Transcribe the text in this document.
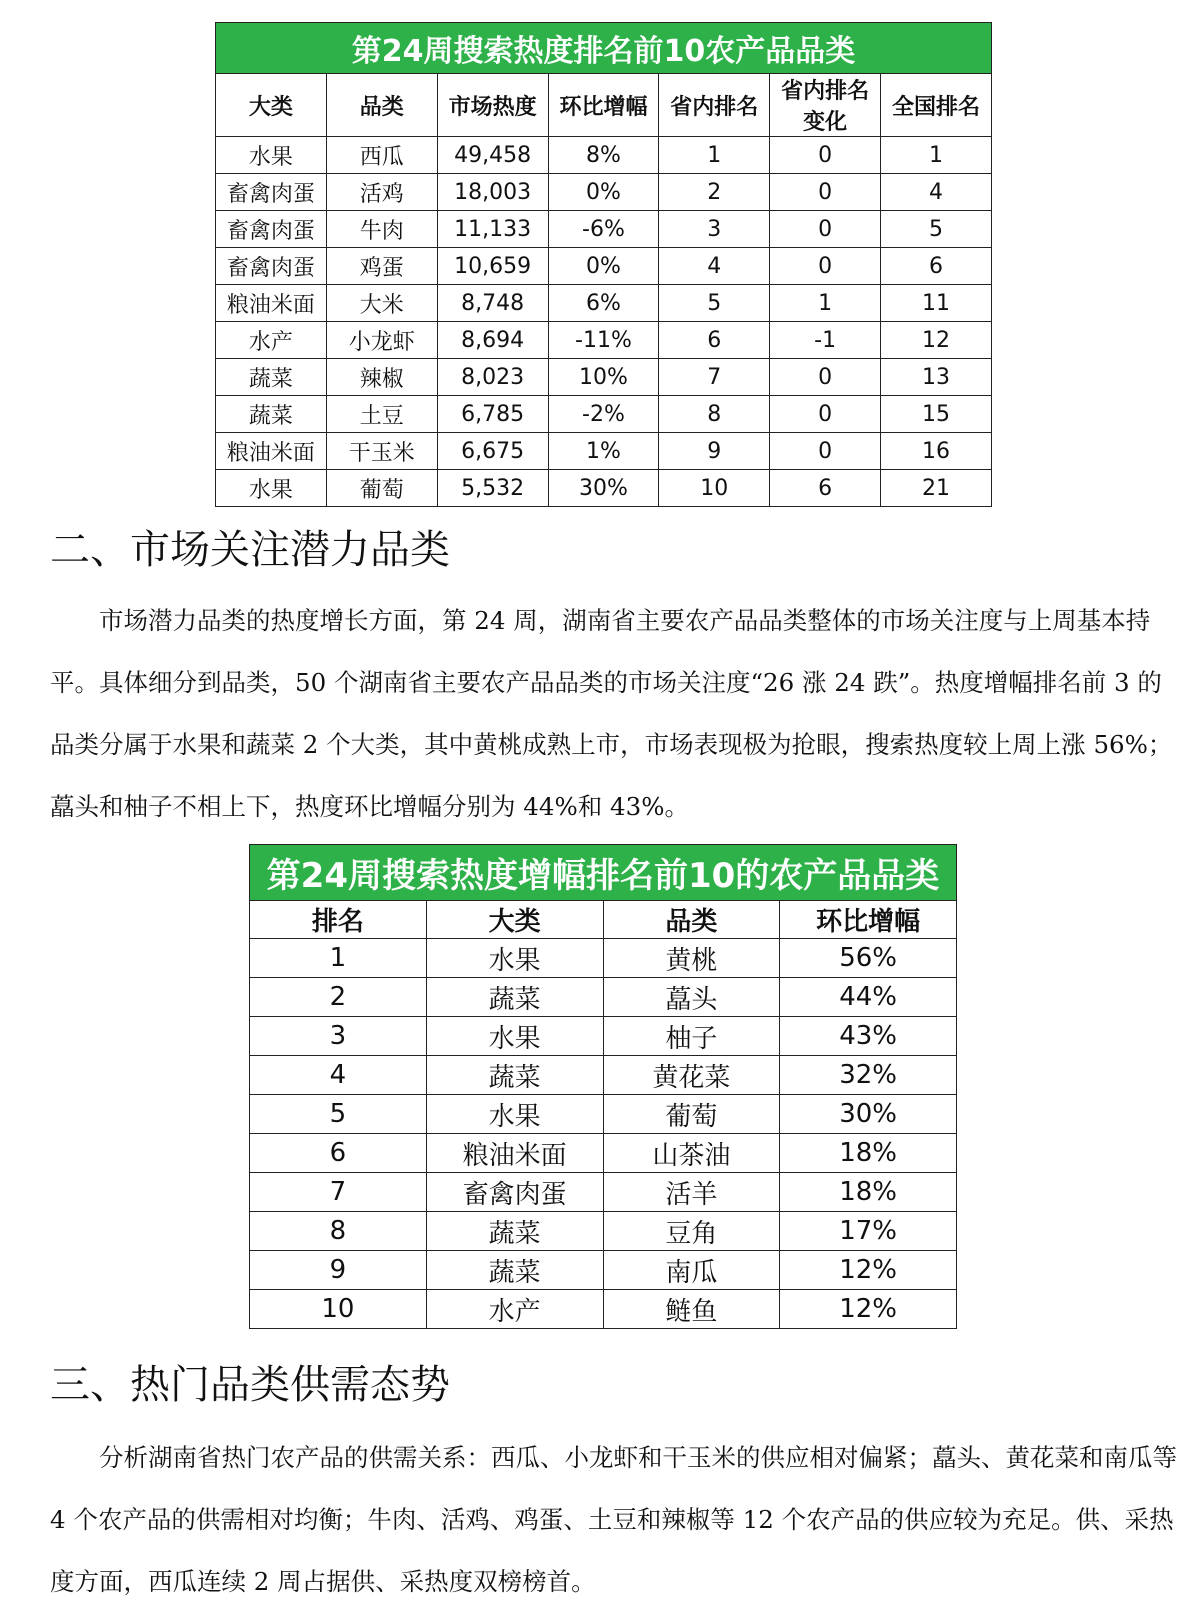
第24周搜索热度排名前10农产品品类						
大类	品类	市场热度	环比增幅	省内排名	省内排名变化	全国排名
水果	西瓜	49,458	8%	1	0	1
畜禽肉蛋	活鸡	18,003	0%	2	0	4
畜禽肉蛋	牛肉	11,133	-6%	3	0	5
畜禽肉蛋	鸡蛋	10,659	0%	4	0	6
粮油米面	大米	8,748	6%	5	1	11
水产	小龙虾	8,694	-11%	6	-1	12
蔬菜	辣椒	8,023	10%	7	0	13
蔬菜	土豆	6,785	-2%	8	0	15
粮油米面	干玉米	6,675	1%	9	0	16
水果	葡萄	5,532	30%	10	6	21
二、市场关注潜力品类

市场潜力品类的热度增长方面，第 24 周，湖南省主要农产品品类整体的市场关注度与上周基本持平。具体细分到品类，50 个湖南省主要农产品品类的市场关注度“26 涨 24 跌”。热度增幅排名前 3 的品类分属于水果和蔬菜 2 个大类，其中黄桃成熟上市，市场表现极为抢眼，搜索热度较上周上涨 56%；藠头和柚子不相上下，热度环比增幅分别为 44%和 43%。

第24周搜索热度增幅排名前10的农产品品类			
排名	大类	品类	环比增幅
1	水果	黄桃	56%
2	蔬菜	藠头	44%
3	水果	柚子	43%
4	蔬菜	黄花菜	32%
5	水果	葡萄	30%
6	粮油米面	山茶油	18%
7	畜禽肉蛋	活羊	18%
8	蔬菜	豆角	17%
9	蔬菜	南瓜	12%
10	水产	鲢鱼	12%
三、热门品类供需态势

分析湖南省热门农产品的供需关系：西瓜、小龙虾和干玉米的供应相对偏紧；藠头、黄花菜和南瓜等 4 个农产品的供需相对均衡；牛肉、活鸡、鸡蛋、土豆和辣椒等 12 个农产品的供应较为充足。供、采热度方面，西瓜连续 2 周占据供、采热度双榜榜首。
